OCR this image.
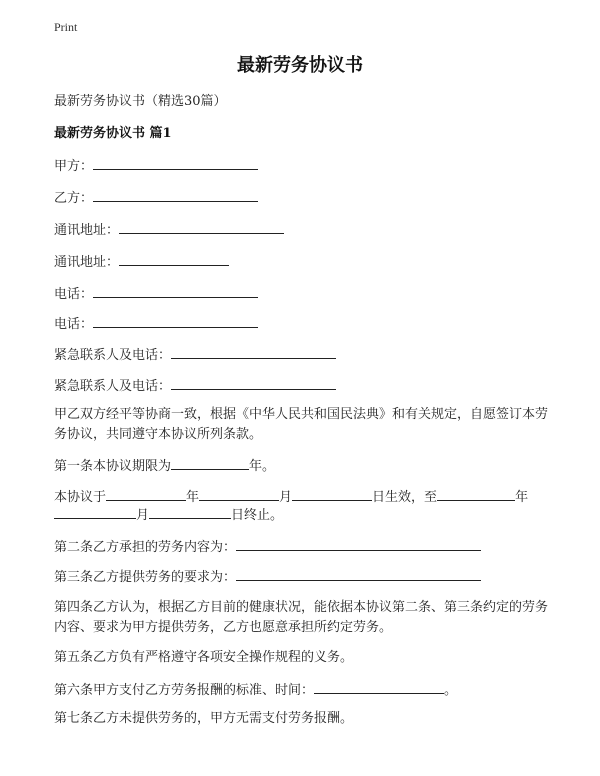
Print
最新劳务协议书
最新劳务协议书（精选30篇）
最新劳务协议书 篇1
甲方：
乙方：
通讯地址：
通讯地址：
电话：
电话：
紧急联系人及电话：
紧急联系人及电话：
甲乙双方经平等协商一致，根据《中华人民共和国民法典》和有关规定，自愿签订本劳务协议，共同遵守本协议所列条款。
第一条本协议期限为	年。
本协议于	年	月	日生效，至	年
月	日终止。
第二条乙方承担的劳务内容为：
第三条乙方提供劳务的要求为：
第四条乙方认为，根据乙方目前的健康状况，能依据本协议第二条、第三条约定的劳务内容、要求为甲方提供劳务，乙方也愿意承担所约定劳务。
第五条乙方负有严格遵守各项安全操作规程的义务。
第六条甲方支付乙方劳务报酬的标准、时间：	。
第七条乙方未提供劳务的，甲方无需支付劳务报酬。
